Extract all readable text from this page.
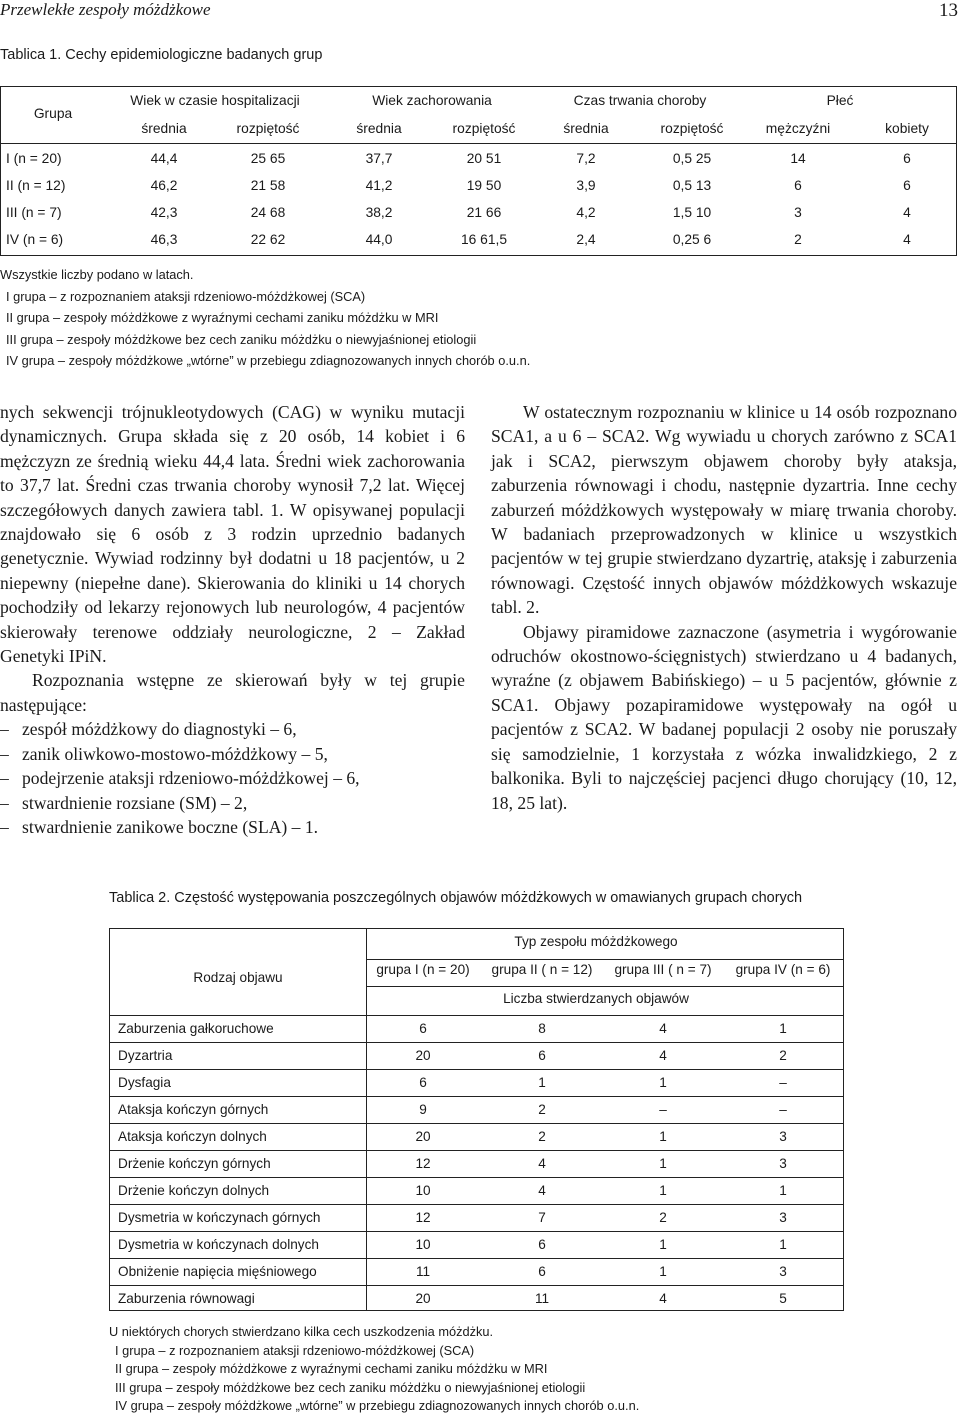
Przewlekłe zespoły móżdżkowe	13
Tablica 1. Cechy epidemiologiczne badanych grup
Grupa
Wiek w czasie hospitalizacji	Wiek zachorowania	Czas trwania choroby	Płeć
średnia	rozpiętość	średnia	rozpiętość	średnia	rozpiętość	mężczyźni	kobiety
I (n = 20)	44,4	25 65	37,7	20 51	7,2	0,5 25	14	6
II (n = 12)	46,2	21 58	41,2	19 50	3,9	0,5 13	6	6
III (n = 7)	42,3	24 68	38,2	21 66	4,2	1,5 10	3	4
IV (n = 6)	46,3	22 62	44,0	16 61,5	2,4	0,25 6	2	4
Wszystkie liczby podano w latach.
I grupa – z rozpoznaniem ataksji rdzeniowo-móżdżkowej (SCA)
II grupa – zespoły móżdżkowe z wyraźnymi cechami zaniku móżdżku w MRI
III grupa – zespoły móżdżkowe bez cech zaniku móżdżku o niewyjaśnionej etiologii
IV grupa – zespoły móżdżkowe „wtórne” w przebiegu zdiagnozowanych innych chorób o.u.n.

nych sekwencji trójnukleotydowych (CAG) w wyniku mutacji dynamicznych. Grupa składa się z 20 osób, 14 kobiet i 6 mężczyzn ze średnią wieku 44,4 lata. Średni wiek zachorowania to 37,7 lat. Średni czas trwania choroby wynosił 7,2 lat. Więcej szczegółowych danych zawiera tabl. 1. W opisywanej populacji znajdowało się 6 osób z 3 rodzin uprzednio badanych genetycznie. Wywiad rodzinny był dodatni u 18 pacjentów, u 2 niepewny (niepełne dane). Skierowania do kliniki u 14 chorych pochodziły od lekarzy rejonowych lub neurologów, 4 pacjentów skierowały terenowe oddziały neurologiczne, 2 – Zakład Genetyki IPiN.

Rozpoznania wstępne ze skierowań były w tej grupie następujące:

– zespół móżdżkowy do diagnostyki – 6,
– zanik oliwkowo-mostowo-móżdżkowy – 5,
– podejrzenie ataksji rdzeniowo-móżdżkowej – 6,
– stwardnienie rozsiane (SM) – 2,
– stwardnienie zanikowe boczne (SLA) – 1.

W ostatecznym rozpoznaniu w klinice u 14 osób rozpoznano SCA1, a u 6 – SCA2. Wg wywiadu u chorych zarówno z SCA1 jak i SCA2, pierwszym objawem choroby były ataksja, zaburzenia równowagi i chodu, następnie dyzartria. Inne cechy zaburzeń móżdżkowych występowały w miarę trwania choroby. W badaniach przeprowadzonych w klinice u wszystkich pacjentów w tej grupie stwierdzano dyzartrię, ataksję i zaburzenia równowagi. Częstość innych objawów móżdżkowych wskazuje tabl. 2.

Objawy piramidowe zaznaczone (asymetria i wygórowanie odruchów okostnowo-ścięgnistych) stwierdzano u 4 badanych, wyraźne (z objawem Babińskiego) – u 5 pacjentów, głównie z SCA1. Objawy pozapiramidowe występowały na ogół u pacjentów z SCA2. W badanej populacji 2 osoby nie poruszały się samodzielnie, 1 korzystała z wózka inwalidzkiego, 2 z balkonika. Byli to najczęściej pacjenci długo chorujący (10, 12, 18, 25 lat).

Tablica 2. Częstość występowania poszczególnych objawów móżdżkowych w omawianych grupach chorych
Rodzaj objawu
Typ zespołu móżdżkowego
grupa I (n = 20) grupa II ( n = 12) grupa III ( n = 7) grupa IV (n = 6)
Liczba stwierdzanych objawów
Zaburzenia gałkoruchowe	6	8	4	1
Dyzartria	20	6	4	2
Dysfagia	6	1	1	–
Ataksja kończyn górnych	9	2	–	–
Ataksja kończyn dolnych	20	2	1	3
Drżenie kończyn górnych	12	4	1	3
Drżenie kończyn dolnych	10	4	1	1
Dysmetria w kończynach górnych	12	7	2	3
Dysmetria w kończynach dolnych	10	6	1	1
Obniżenie napięcia mięśniowego	11	6	1	3
Zaburzenia równowagi	20	11	4	5
U niektórych chorych stwierdzano kilka cech uszkodzenia móżdżku.
I grupa – z rozpoznaniem ataksji rdzeniowo-móżdżkowej (SCA)
II grupa – zespoły móżdżkowe z wyraźnymi cechami zaniku móżdżku w MRI
III grupa – zespoły móżdżkowe bez cech zaniku móżdżku o niewyjaśnionej etiologii
IV grupa – zespoły móżdżkowe „wtórne” w przebiegu zdiagnozowanych innych chorób o.u.n.
